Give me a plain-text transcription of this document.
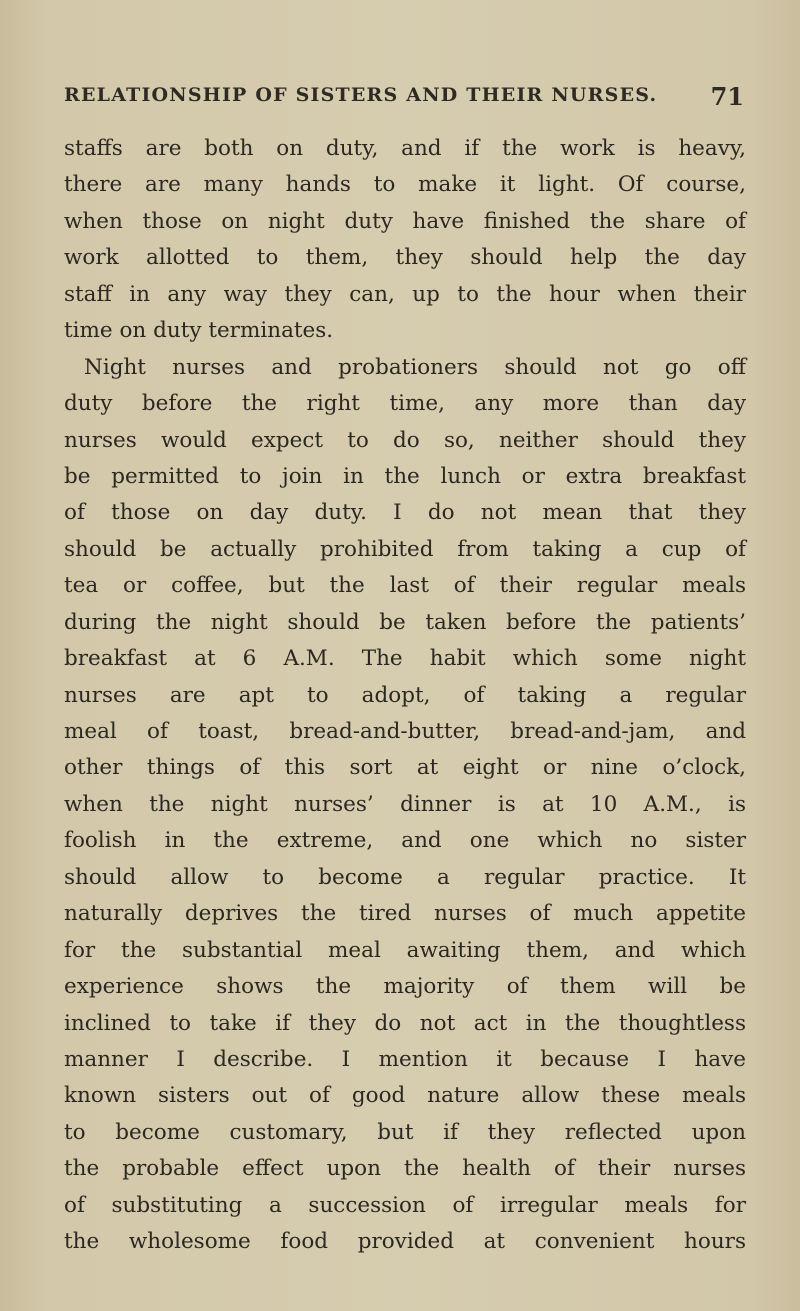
RELATIONSHIP OF SISTERS AND THEIR NURSES. 71
staffs are both on duty, and if the work is heavy,
there are many hands to make it light. Of course,
when those on night duty have finished the share of
work allotted to them, they should help the day
staff in any way they can, up to the hour when their
time on duty terminates.
Night nurses and probationers should not go off
duty before the right time, any more than day
nurses would expect to do so, neither should they
be permitted to join in the lunch or extra breakfast
of those on day duty. I do not mean that they
should be actually prohibited from taking a cup of
tea or coffee, but the last of their regular meals
during the night should be taken before the patients’
breakfast at 6 A.M. The habit which some night
nurses are apt to adopt, of taking a regular
meal of toast, bread-and-butter, bread-and-jam, and
other things of this sort at eight or nine o’clock,
when the night nurses’ dinner is at 10 A.M., is
foolish in the extreme, and one which no sister
should allow to become a regular practice. It
naturally deprives the tired nurses of much appetite
for the substantial meal awaiting them, and which
experience shows the majority of them will be
inclined to take if they do not act in the thoughtless
manner I describe. I mention it because I have
known sisters out of good nature allow these meals
to become customary, but if they reflected upon
the probable effect upon the health of their nurses
of substituting a succession of irregular meals for
the wholesome food provided at convenient hours
